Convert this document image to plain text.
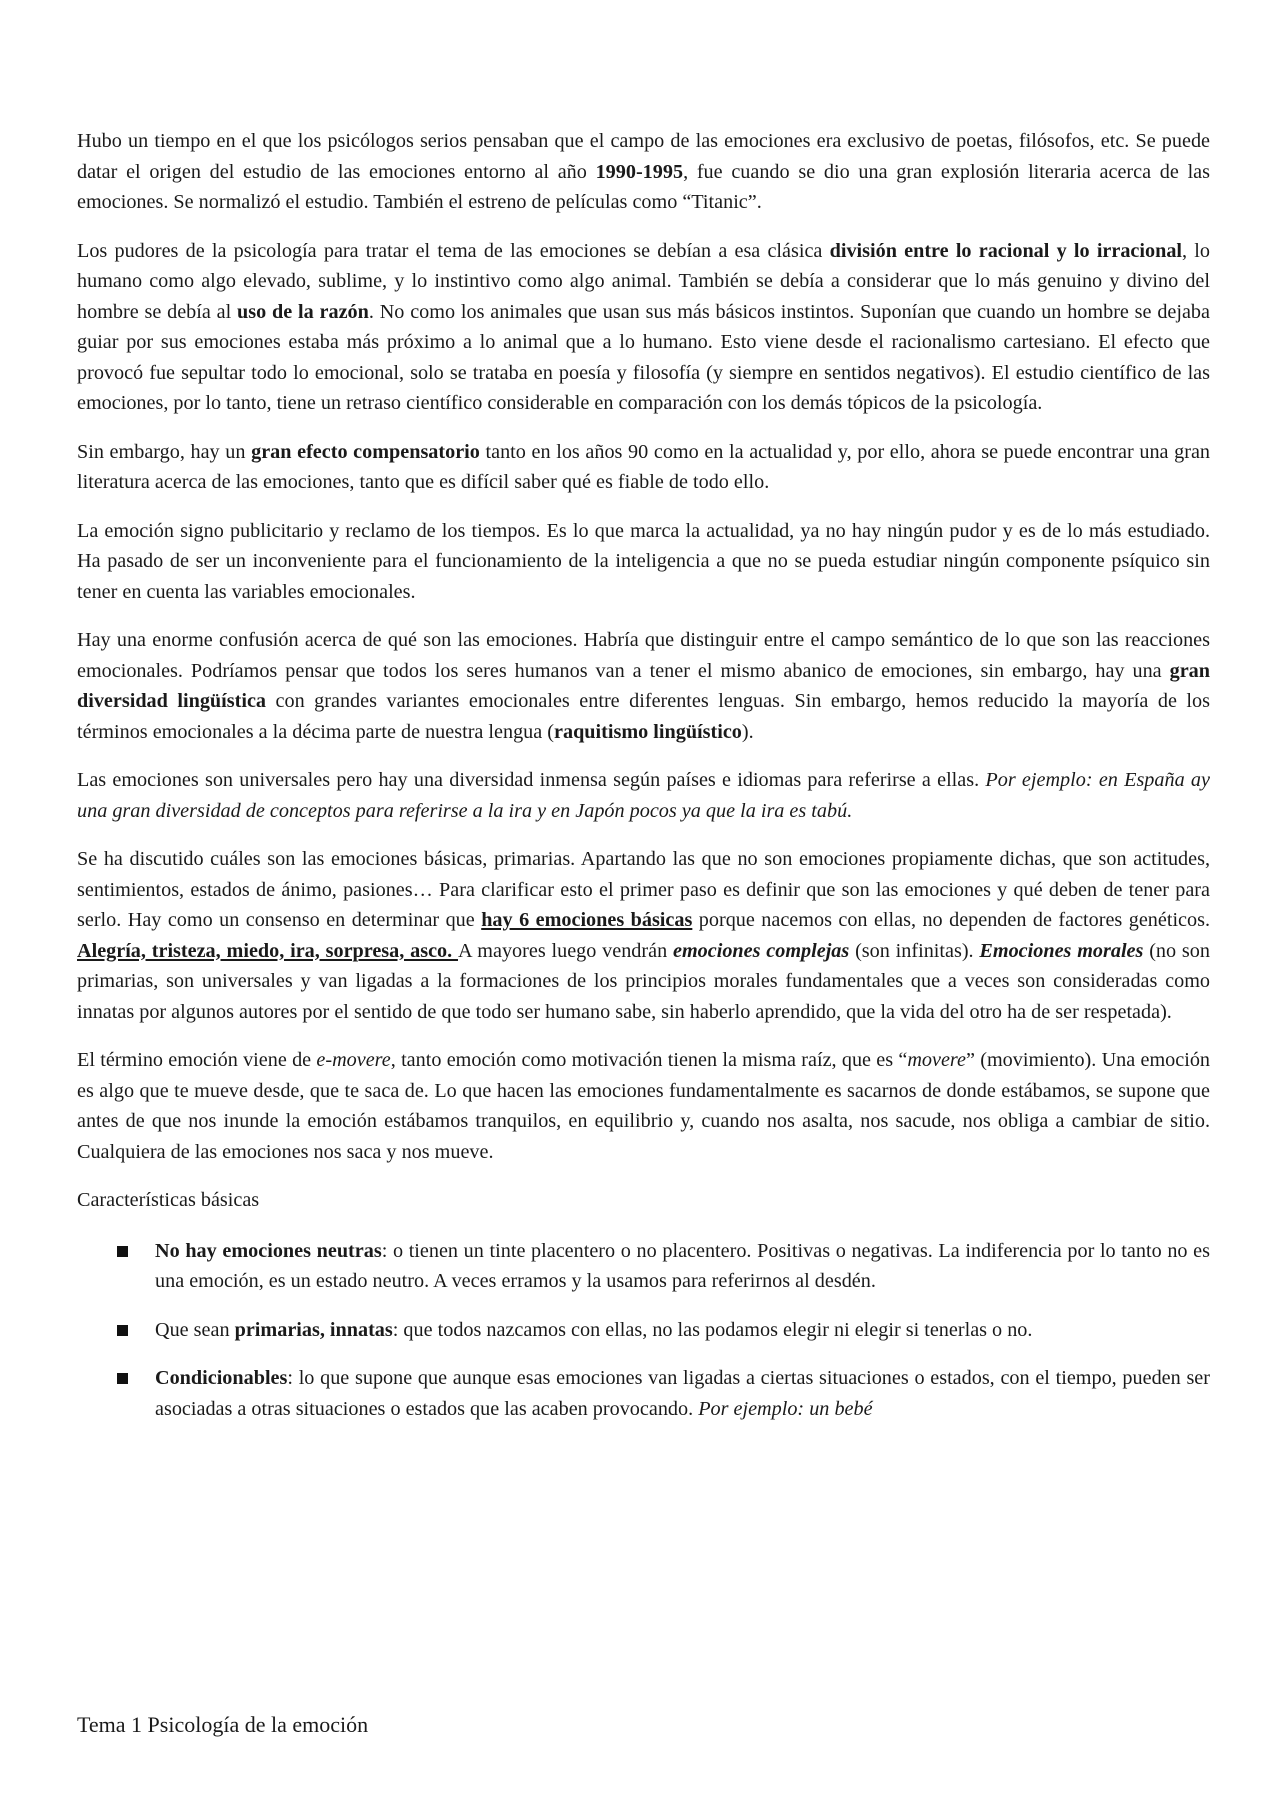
Hubo un tiempo en el que los psicólogos serios pensaban que el campo de las emociones era exclusivo de poetas, filósofos, etc. Se puede datar el origen del estudio de las emociones entorno al año 1990-1995, fue cuando se dio una gran explosión literaria acerca de las emociones. Se normalizó el estudio. También el estreno de películas como “Titanic”.

Los pudores de la psicología para tratar el tema de las emociones se debían a esa clásica división entre lo racional y lo irracional, lo humano como algo elevado, sublime, y lo instintivo como algo animal. También se debía a considerar que lo más genuino y divino del hombre se debía al uso de la razón. No como los animales que usan sus más básicos instintos. Suponían que cuando un hombre se dejaba guiar por sus emociones estaba más próximo a lo animal que a lo humano. Esto viene desde el racionalismo cartesiano. El efecto que provocó fue sepultar todo lo emocional, solo se trataba en poesía y filosofía (y siempre en sentidos negativos). El estudio científico de las emociones, por lo tanto, tiene un retraso científico considerable en comparación con los demás tópicos de la psicología.

Sin embargo, hay un gran efecto compensatorio tanto en los años 90 como en la actualidad y, por ello, ahora se puede encontrar una gran literatura acerca de las emociones, tanto que es difícil saber qué es fiable de todo ello.

La emoción signo publicitario y reclamo de los tiempos. Es lo que marca la actualidad, ya no hay ningún pudor y es de lo más estudiado. Ha pasado de ser un inconveniente para el funcionamiento de la inteligencia a que no se pueda estudiar ningún componente psíquico sin tener en cuenta las variables emocionales.

Hay una enorme confusión acerca de qué son las emociones. Habría que distinguir entre el campo semántico de lo que son las reacciones emocionales. Podríamos pensar que todos los seres humanos van a tener el mismo abanico de emociones, sin embargo, hay una gran diversidad lingüística con grandes variantes emocionales entre diferentes lenguas. Sin embargo, hemos reducido la mayoría de los términos emocionales a la décima parte de nuestra lengua (raquitismo lingüístico).

Las emociones son universales pero hay una diversidad inmensa según países e idiomas para referirse a ellas. Por ejemplo: en España ay una gran diversidad de conceptos para referirse a la ira y en Japón pocos ya que la ira es tabú.

Se ha discutido cuáles son las emociones básicas, primarias. Apartando las que no son emociones propiamente dichas, que son actitudes, sentimientos, estados de ánimo, pasiones… Para clarificar esto el primer paso es definir que son las emociones y qué deben de tener para serlo. Hay como un consenso en determinar que hay 6 emociones básicas porque nacemos con ellas, no dependen de factores genéticos. Alegría, tristeza, miedo, ira, sorpresa, asco. A mayores luego vendrán emociones complejas (son infinitas). Emociones morales (no son primarias, son universales y van ligadas a la formaciones de los principios morales fundamentales que a veces son consideradas como innatas por algunos autores por el sentido de que todo ser humano sabe, sin haberlo aprendido, que la vida del otro ha de ser respetada).

El término emoción viene de e-movere, tanto emoción como motivación tienen la misma raíz, que es “movere” (movimiento). Una emoción es algo que te mueve desde, que te saca de. Lo que hacen las emociones fundamentalmente es sacarnos de donde estábamos, se supone que antes de que nos inunde la emoción estábamos tranquilos, en equilibrio y, cuando nos asalta, nos sacude, nos obliga a cambiar de sitio. Cualquiera de las emociones nos saca y nos mueve.

Características básicas

No hay emociones neutras: o tienen un tinte placentero o no placentero. Positivas o negativas. La indiferencia por lo tanto no es una emoción, es un estado neutro. A veces erramos y la usamos para referirnos al desdén.
Que sean primarias, innatas: que todos nazcamos con ellas, no las podamos elegir ni elegir si tenerlas o no.
Condicionables: lo que supone que aunque esas emociones van ligadas a ciertas situaciones o estados, con el tiempo, pueden ser asociadas a otras situaciones o estados que las acaben provocando. Por ejemplo: un bebé
Tema 1 Psicología de la emoción
